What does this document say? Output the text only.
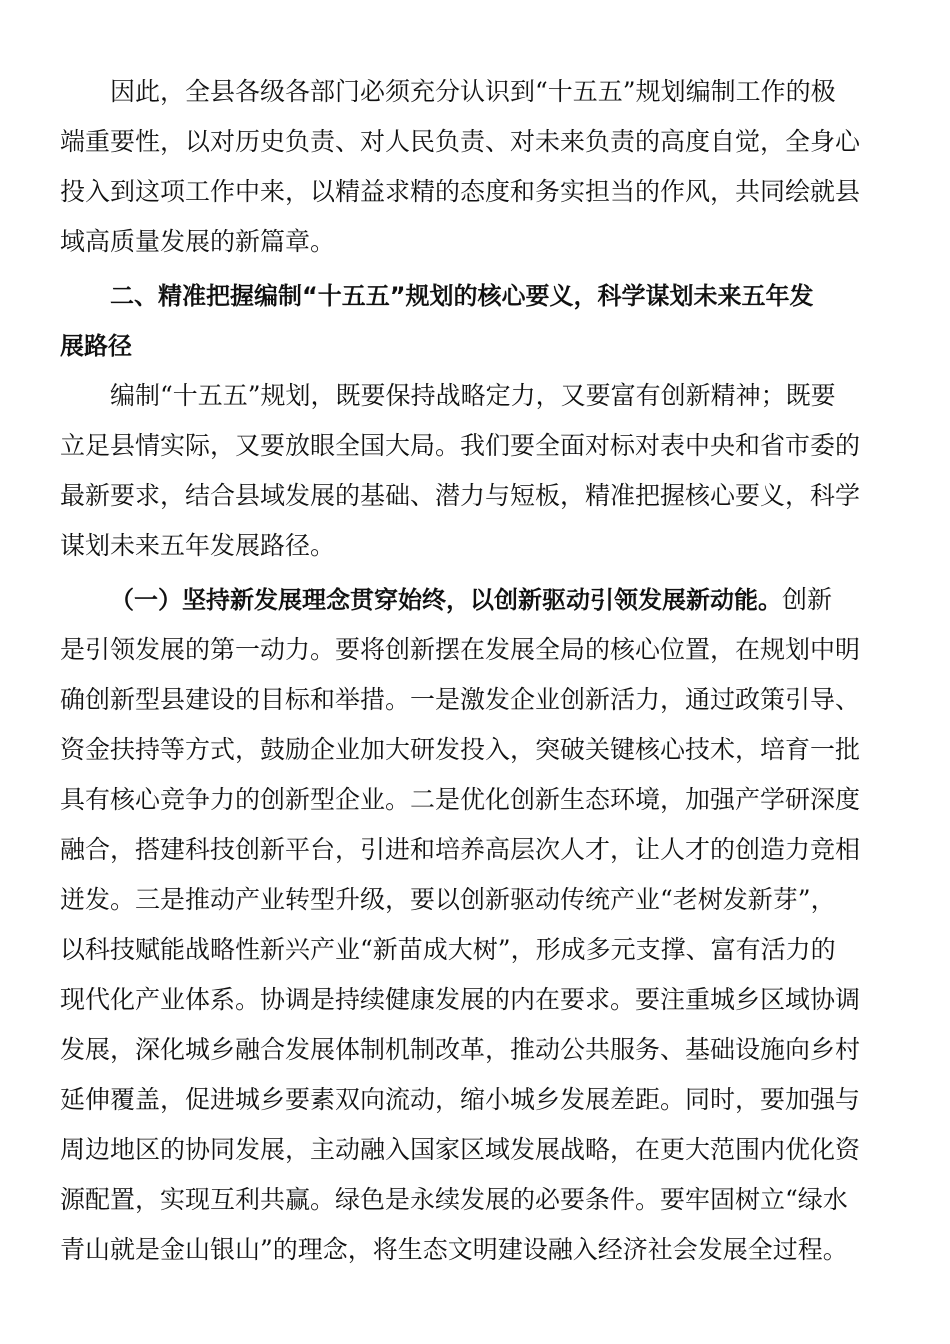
因此，全县各级各部门必须充分认识到“十五五”规划编制工作的极
端重要性，以对历史负责、对人民负责、对未来负责的高度自觉，全身心
投入到这项工作中来，以精益求精的态度和务实担当的作风，共同绘就县
域高质量发展的新篇章。
二、精准把握编制“十五五”规划的核心要义，科学谋划未来五年发
展路径
编制“十五五”规划，既要保持战略定力，又要富有创新精神；既要
立足县情实际，又要放眼全国大局。我们要全面对标对表中央和省市委的
最新要求，结合县域发展的基础、潜力与短板，精准把握核心要义，科学
谋划未来五年发展路径。
（一）坚持新发展理念贯穿始终，以创新驱动引领发展新动能。创新
是引领发展的第一动力。要将创新摆在发展全局的核心位置，在规划中明
确创新型县建设的目标和举措。一是激发企业创新活力，通过政策引导、
资金扶持等方式，鼓励企业加大研发投入，突破关键核心技术，培育一批
具有核心竞争力的创新型企业。二是优化创新生态环境，加强产学研深度
融合，搭建科技创新平台，引进和培养高层次人才，让人才的创造力竞相
迸发。三是推动产业转型升级，要以创新驱动传统产业“老树发新芽”，
以科技赋能战略性新兴产业“新苗成大树”，形成多元支撑、富有活力的
现代化产业体系。协调是持续健康发展的内在要求。要注重城乡区域协调
发展，深化城乡融合发展体制机制改革，推动公共服务、基础设施向乡村
延伸覆盖，促进城乡要素双向流动，缩小城乡发展差距。同时，要加强与
周边地区的协同发展，主动融入国家区域发展战略，在更大范围内优化资
源配置，实现互利共赢。绿色是永续发展的必要条件。要牢固树立“绿水
青山就是金山银山”的理念，将生态文明建设融入经济社会发展全过程。
